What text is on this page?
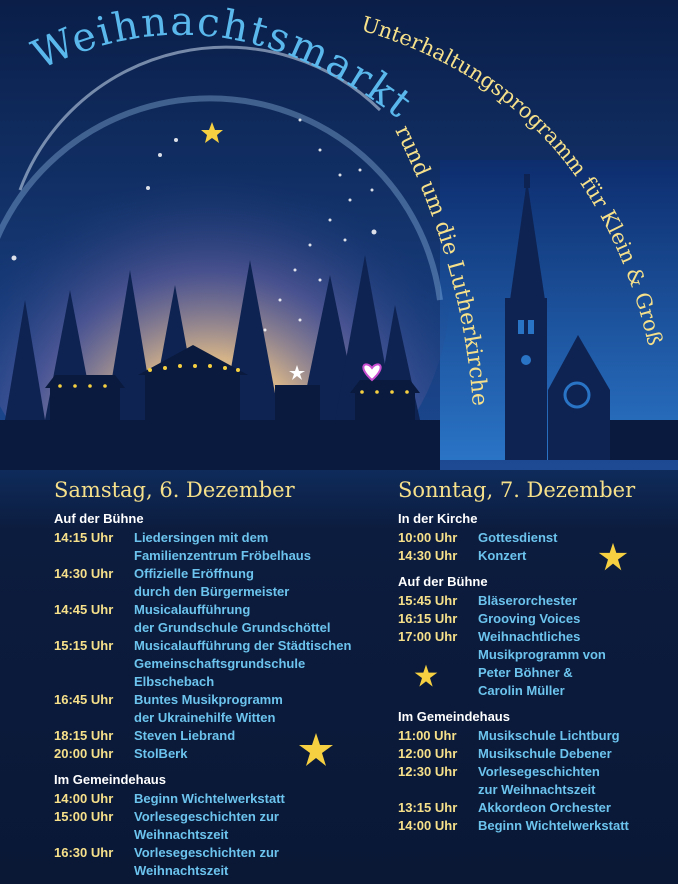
Weihnachtsmarkt
rund um die Lutherkirche
Unterhaltungsprogramm für Klein & Groß
Samstag, 6. Dezember	Sonntag, 7. Dezember
Auf der Bühne
14:15 Uhr	Liedersingen mit dem
Familienzentrum Fröbelhaus
14:30 Uhr	Offizielle Eröffnung
durch den Bürgermeister
14:45 Uhr	Musicalaufführung
der Grundschule Grundschöttel
15:15 Uhr	Musicalaufführung der Städtischen
Gemeinschaftsgrundschule
Elbschebach
16:45 Uhr	Buntes Musikprogramm
der Ukrainehilfe Witten
18:15 Uhr	Steven Liebrand
20:00 Uhr	StolBerk
Im Gemeindehaus
14:00 Uhr	Beginn Wichtelwerkstatt
15:00 Uhr	Vorlesegeschichten zur
Weihnachtszeit
16:30 Uhr	Vorlesegeschichten zur
Weihnachtszeit
In der Kirche
10:00 Uhr	Gottesdienst
14:30 Uhr	Konzert
Auf der Bühne
15:45 Uhr	Bläserorchester
16:15 Uhr	Grooving Voices
17:00 Uhr	Weihnachtliches
Musikprogramm von
Peter Böhner &
Carolin Müller
Im Gemeindehaus
11:00 Uhr	Musikschule Lichtburg
12:00 Uhr	Musikschule Debener
12:30 Uhr	Vorlesegeschichten
zur Weihnachtszeit
13:15 Uhr	Akkordeon Orchester
14:00 Uhr	Beginn Wichtelwerkstatt
